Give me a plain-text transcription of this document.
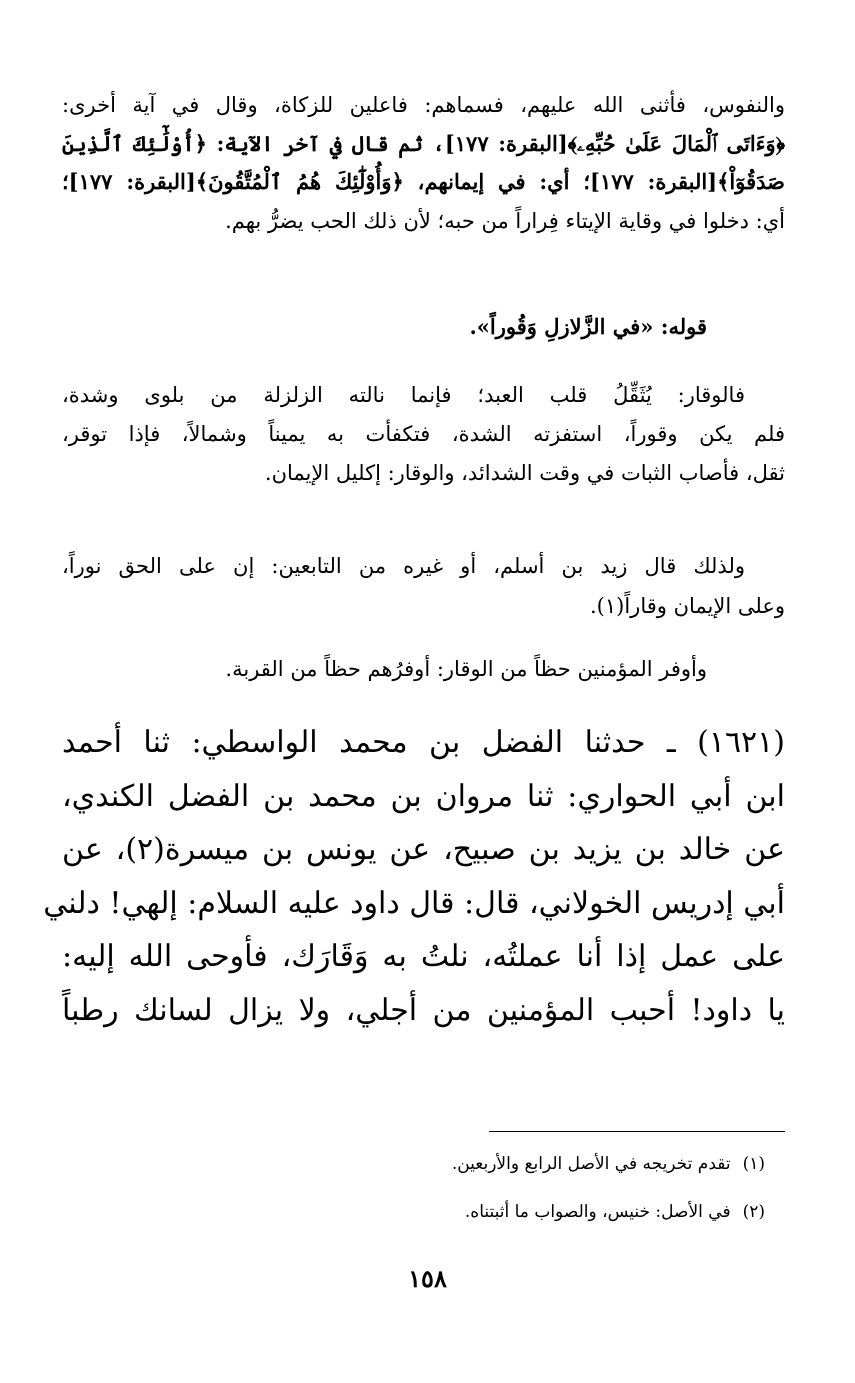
والنفوس، فأثنى الله عليهم، فسماهم: فاعلين للزكاة، وقال في آية أخرى:
﴿وَءَاتَى ٱلْمَالَ عَلَىٰ حُبِّهِۦ﴾[البقرة: ١٧٧]، ثم قال في آخر الآية: ﴿أُوْلَٰٓئِكَ ٱلَّذِينَ
صَدَقُوٓاْ﴾[البقرة: ١٧٧]؛ أي: في إيمانهم، ﴿وَأُوْلَٰٓئِكَ هُمُ ٱلْمُتَّقُونَ﴾[البقرة: ١٧٧]؛
أي: دخلوا في وقاية الإيتاء فِراراً من حبه؛ لأن ذلك الحب يضرُّ بهم.
قوله: «في الزَّلازلِ وَقُوراً».
فالوقار: يُثَقِّلُ قلب العبد؛ فإنما نالته الزلزلة من بلوى وشدة،
فلم يكن وقوراً، استفزته الشدة، فتكفأت به يميناً وشمالاً، فإذا توقر،
ثقل، فأصاب الثبات في وقت الشدائد، والوقار: إكليل الإيمان.
ولذلك قال زيد بن أسلم، أو غيره من التابعين: إن على الحق نوراً،
وعلى الإيمان وقاراً(١).
وأوفر المؤمنين حظاً من الوقار: أوفرُهم حظاً من القربة.
(١٦٢١) ـ حدثنا الفضل بن محمد الواسطي: ثنا أحمد
ابن أبي الحواري: ثنا مروان بن محمد بن الفضل الكندي،
عن خالد بن يزيد بن صبيح، عن يونس بن ميسرة(٢)، عن
أبي إدريس الخولاني، قال: قال داود عليه السلام: إلهي! دلني
على عمل إذا أنا عملتُه، نلتُ به وَقَارَك، فأوحى الله إليه:
يا داود! أحبب المؤمنين من أجلي، ولا يزال لسانك رطباً
(١)تقدم تخريجه في الأصل الرابع والأربعين.
(٢)في الأصل: خنيس، والصواب ما أثبتناه.
١٥٨
